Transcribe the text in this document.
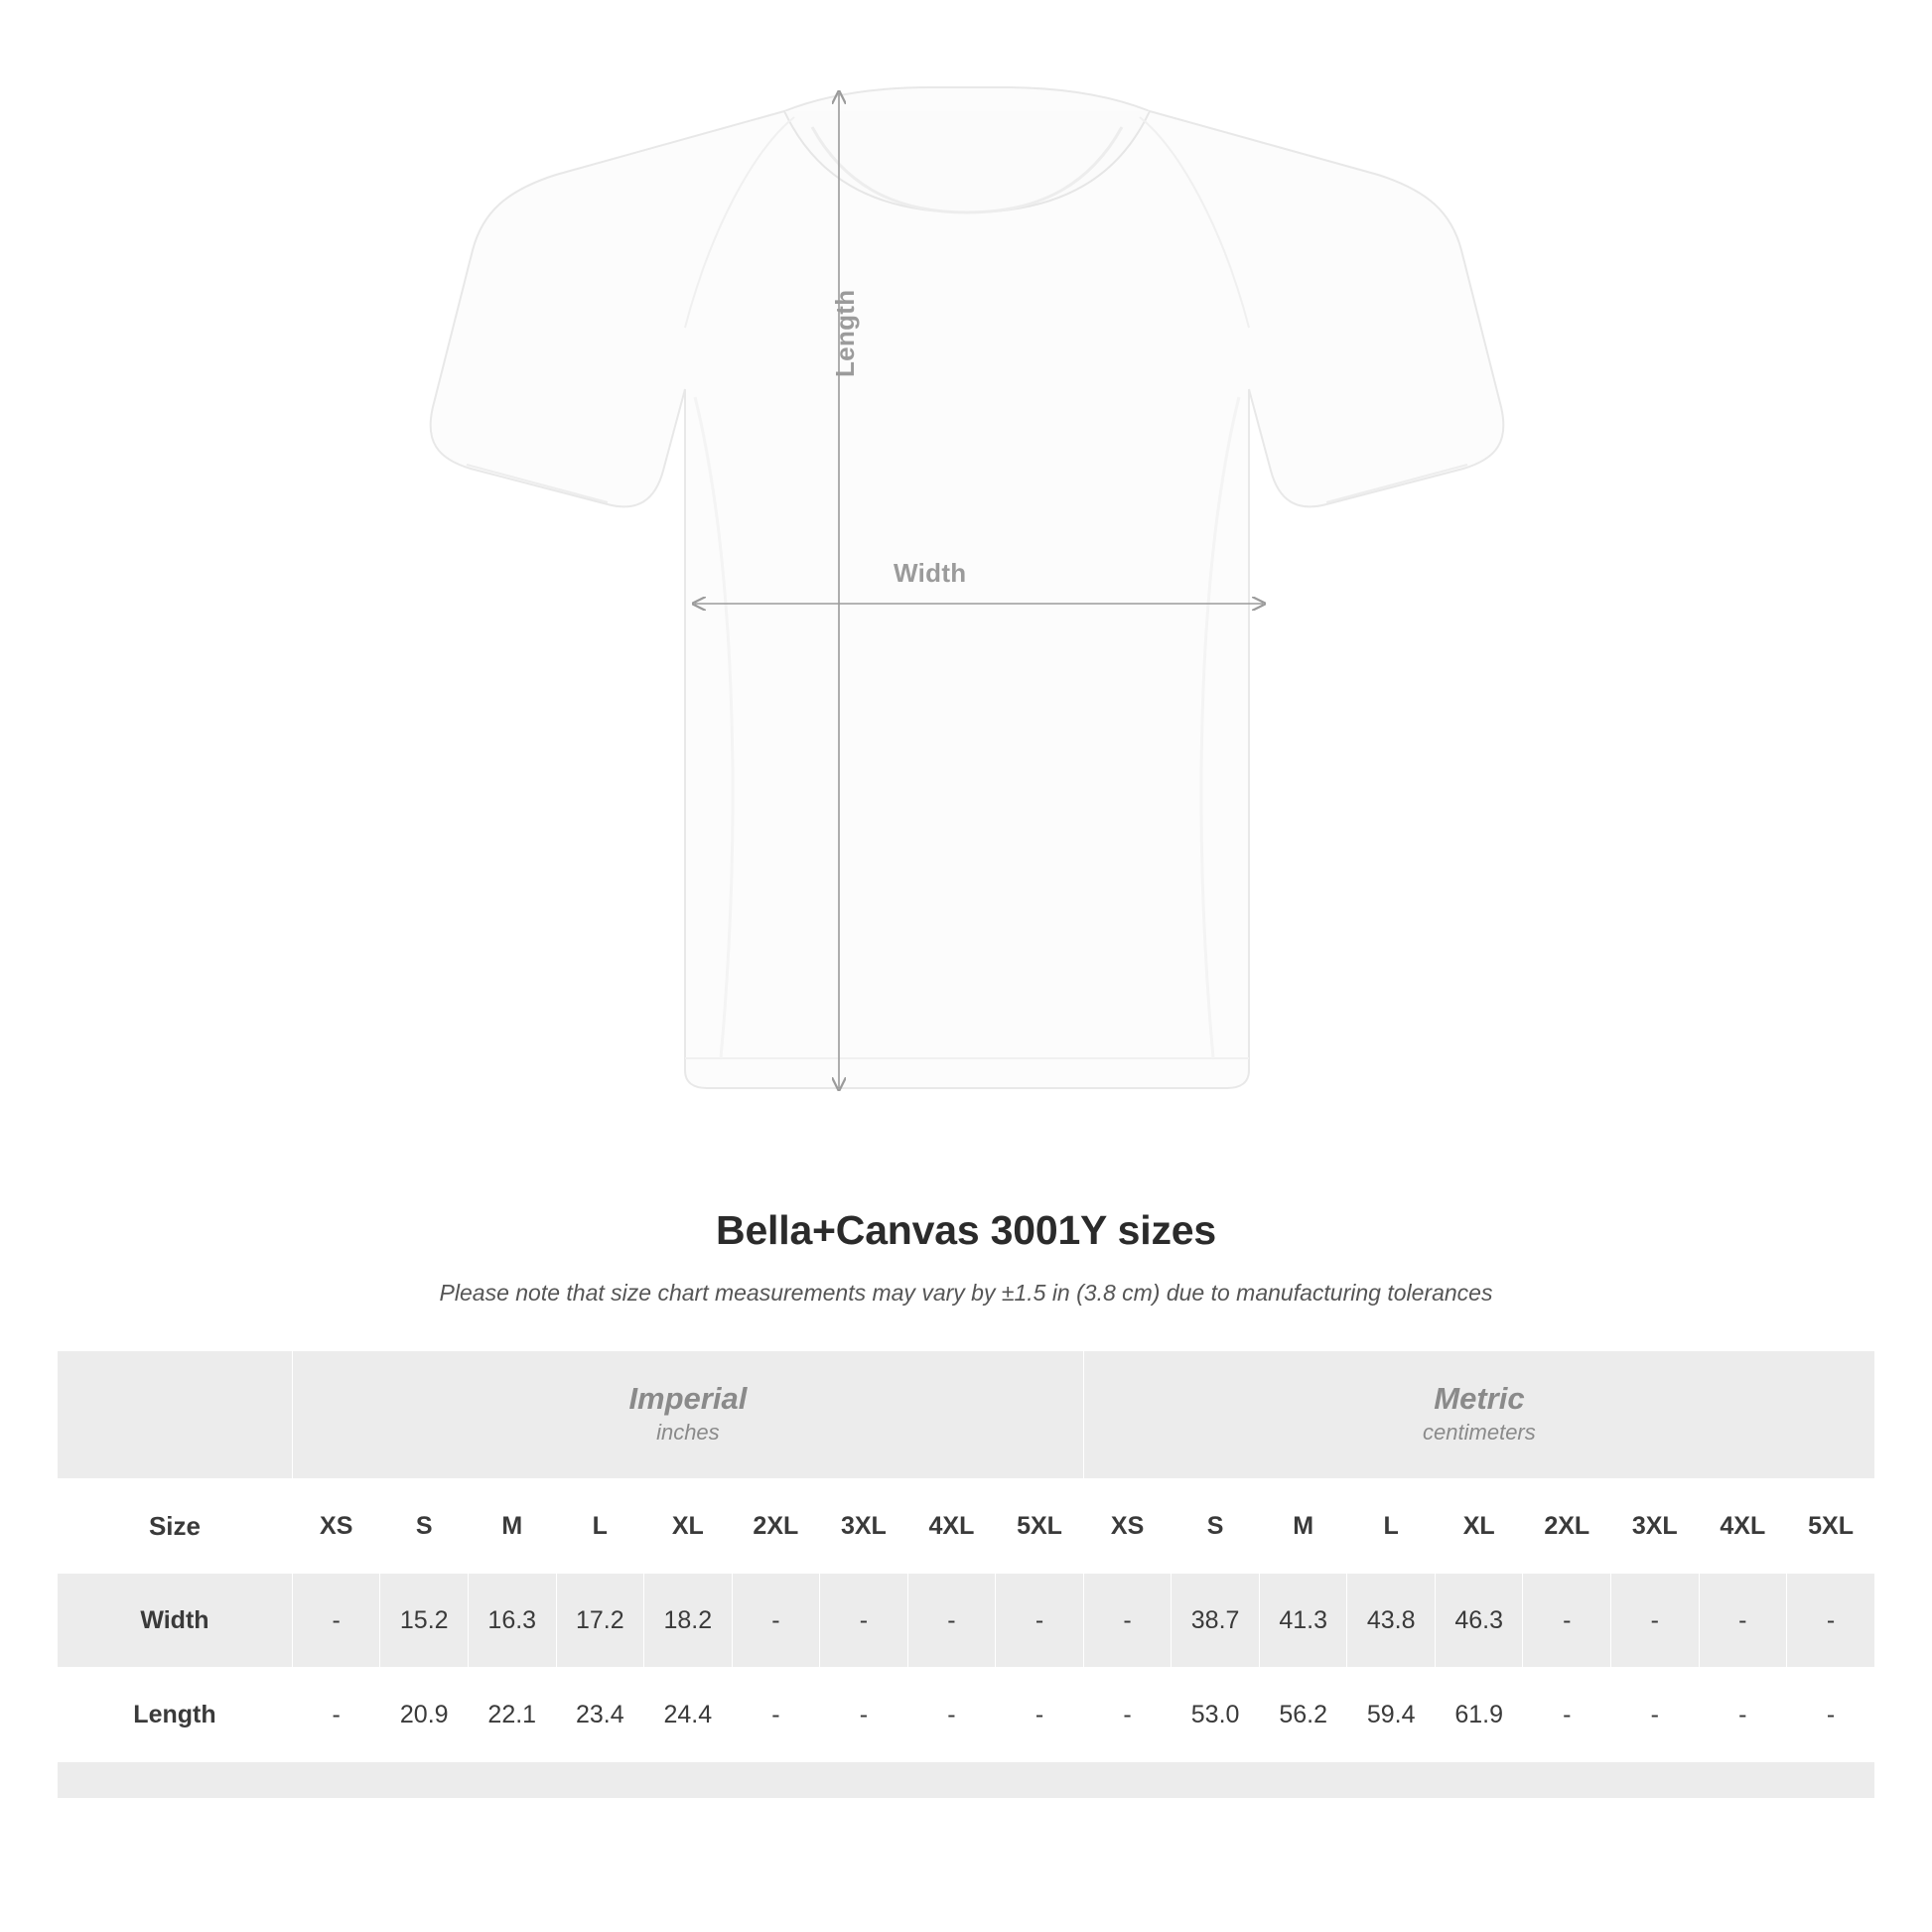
Length
Width
Bella+Canvas 3001Y sizes
Please note that size chart measurements may vary by ±1.5 in (3.8 cm) due to manufacturing tolerances

Imperial
inches

Metric
centimeters

Size	XS	S	M	L	XL	2XL	3XL	4XL	5XL	XS	S	M	L	XL	2XL	3XL	4XL	5XL
Width	-	15.2	16.3	17.2	18.2	-	-	-	-	-	38.7	41.3	43.8	46.3	-	-	-	-
Length	-	20.9	22.1	23.4	24.4	-	-	-	-	-	53.0	56.2	59.4	61.9	-	-	-	-
